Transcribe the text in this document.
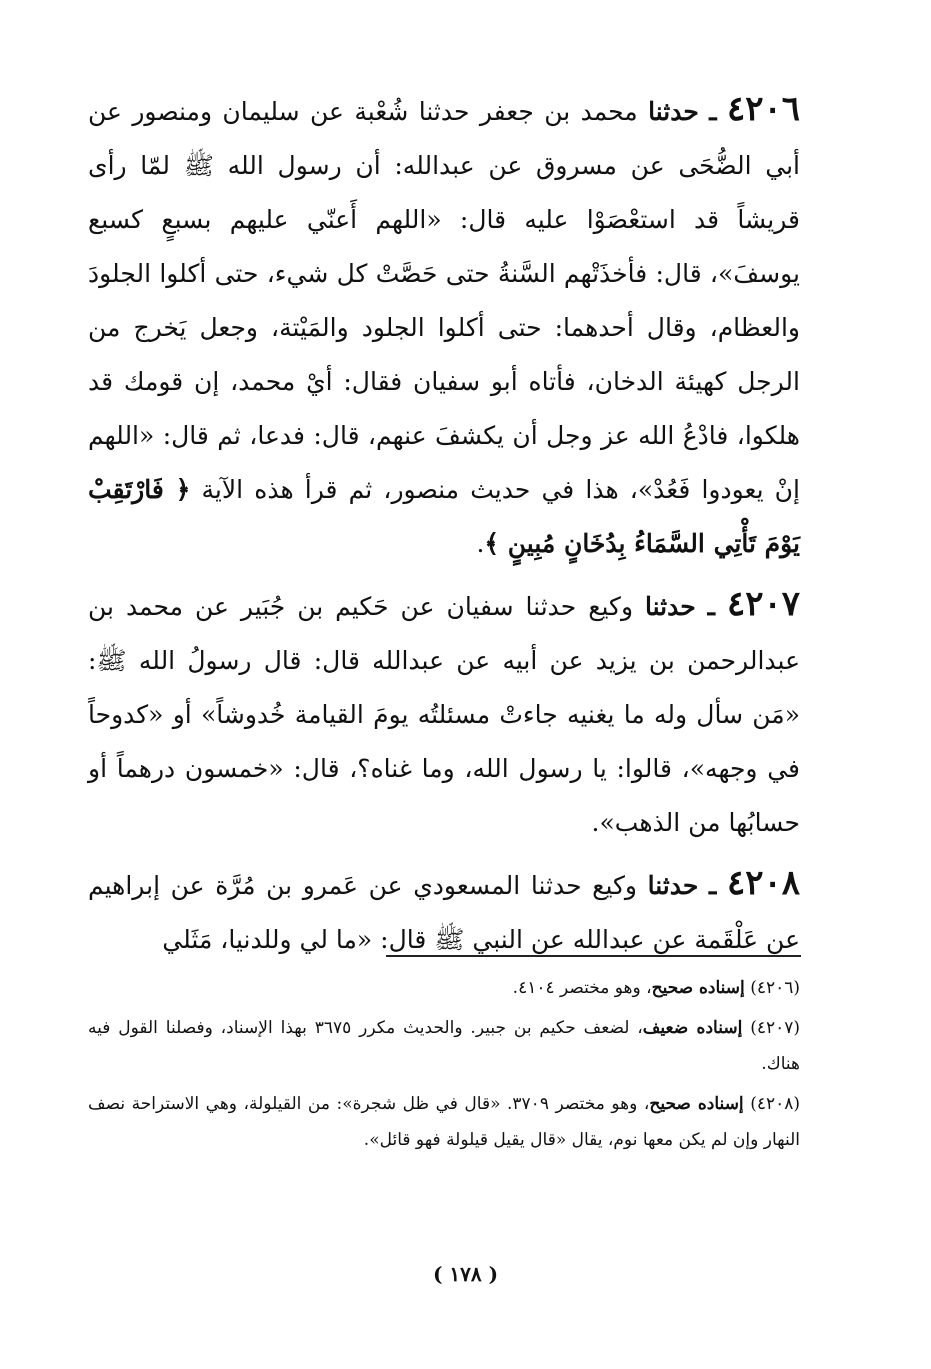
٤٢٠٦ ـ حدثنا محمد بن جعفر حدثنا شُعْبة عن سليمان ومنصور عن أبي الضُّحَى عن مسروق عن عبدالله: أن رسول الله ﷺ لمّا رأى قريشاً قد استعْصَوْا عليه قال: «اللهم أَعنّي عليهم بسبعٍ كسبع يوسفَ»، قال: فأخذَتْهم السَّنةُ حتى حَصَّتْ كل شيء، حتى أكلوا الجلودَ والعظام، وقال أحدهما: حتى أكلوا الجلود والمَيْتة، وجعل يَخرج من الرجل كهيئة الدخان، فأتاه أبو سفيان فقال: أيْ محمد، إن قومك قد هلكوا، فادْعُ الله عز وجل أن يكشفَ عنهم، قال: فدعا، ثم قال: «اللهم إنْ يعودوا فَعُدْ»، هذا في حديث منصور، ثم قرأ هذه الآية ﴿ فَارْتَقِبْ يَوْمَ تَأْتِي السَّمَاءُ بِدُخَانٍ مُبِينٍ ﴾.

٤٢٠٧ ـ حدثنا وكيع حدثنا سفيان عن حَكيم بن جُبَير عن محمد بن عبدالرحمن بن يزيد عن أبيه عن عبدالله قال: قال رسولُ الله ﷺ: «مَن سأل وله ما يغنيه جاءتْ مسئلتُه يومَ القيامة خُدوشاً» أو «كدوحاً في وجهه»، قالوا: يا رسول الله، وما غناه؟، قال: «خمسون درهماً أو حسابُها من الذهب».

٤٢٠٨ ـ حدثنا وكيع حدثنا المسعودي عن عَمرو بن مُرَّة عن إبراهيم عن عَلْقَمة عن عبدالله عن النبي ﷺ قال: «ما لي وللدنيا، مَثَلي

(٤٢٠٦) إسناده صحيح، وهو مختصر ٤١٠٤.

(٤٢٠٧) إسناده ضعيف، لضعف حكيم بن جبير. والحديث مكرر ٣٦٧٥ بهذا الإسناد، وفصلنا القول فيه هناك.

(٤٢٠٨) إسناده صحيح، وهو مختصر ٣٧٠٩. «قال في ظل شجرة»: من القيلولة، وهي الاستراحة نصف النهار وإن لم يكن معها نوم، يقال «قال يقيل قيلولة فهو قائل».

( ١٧٨ )
